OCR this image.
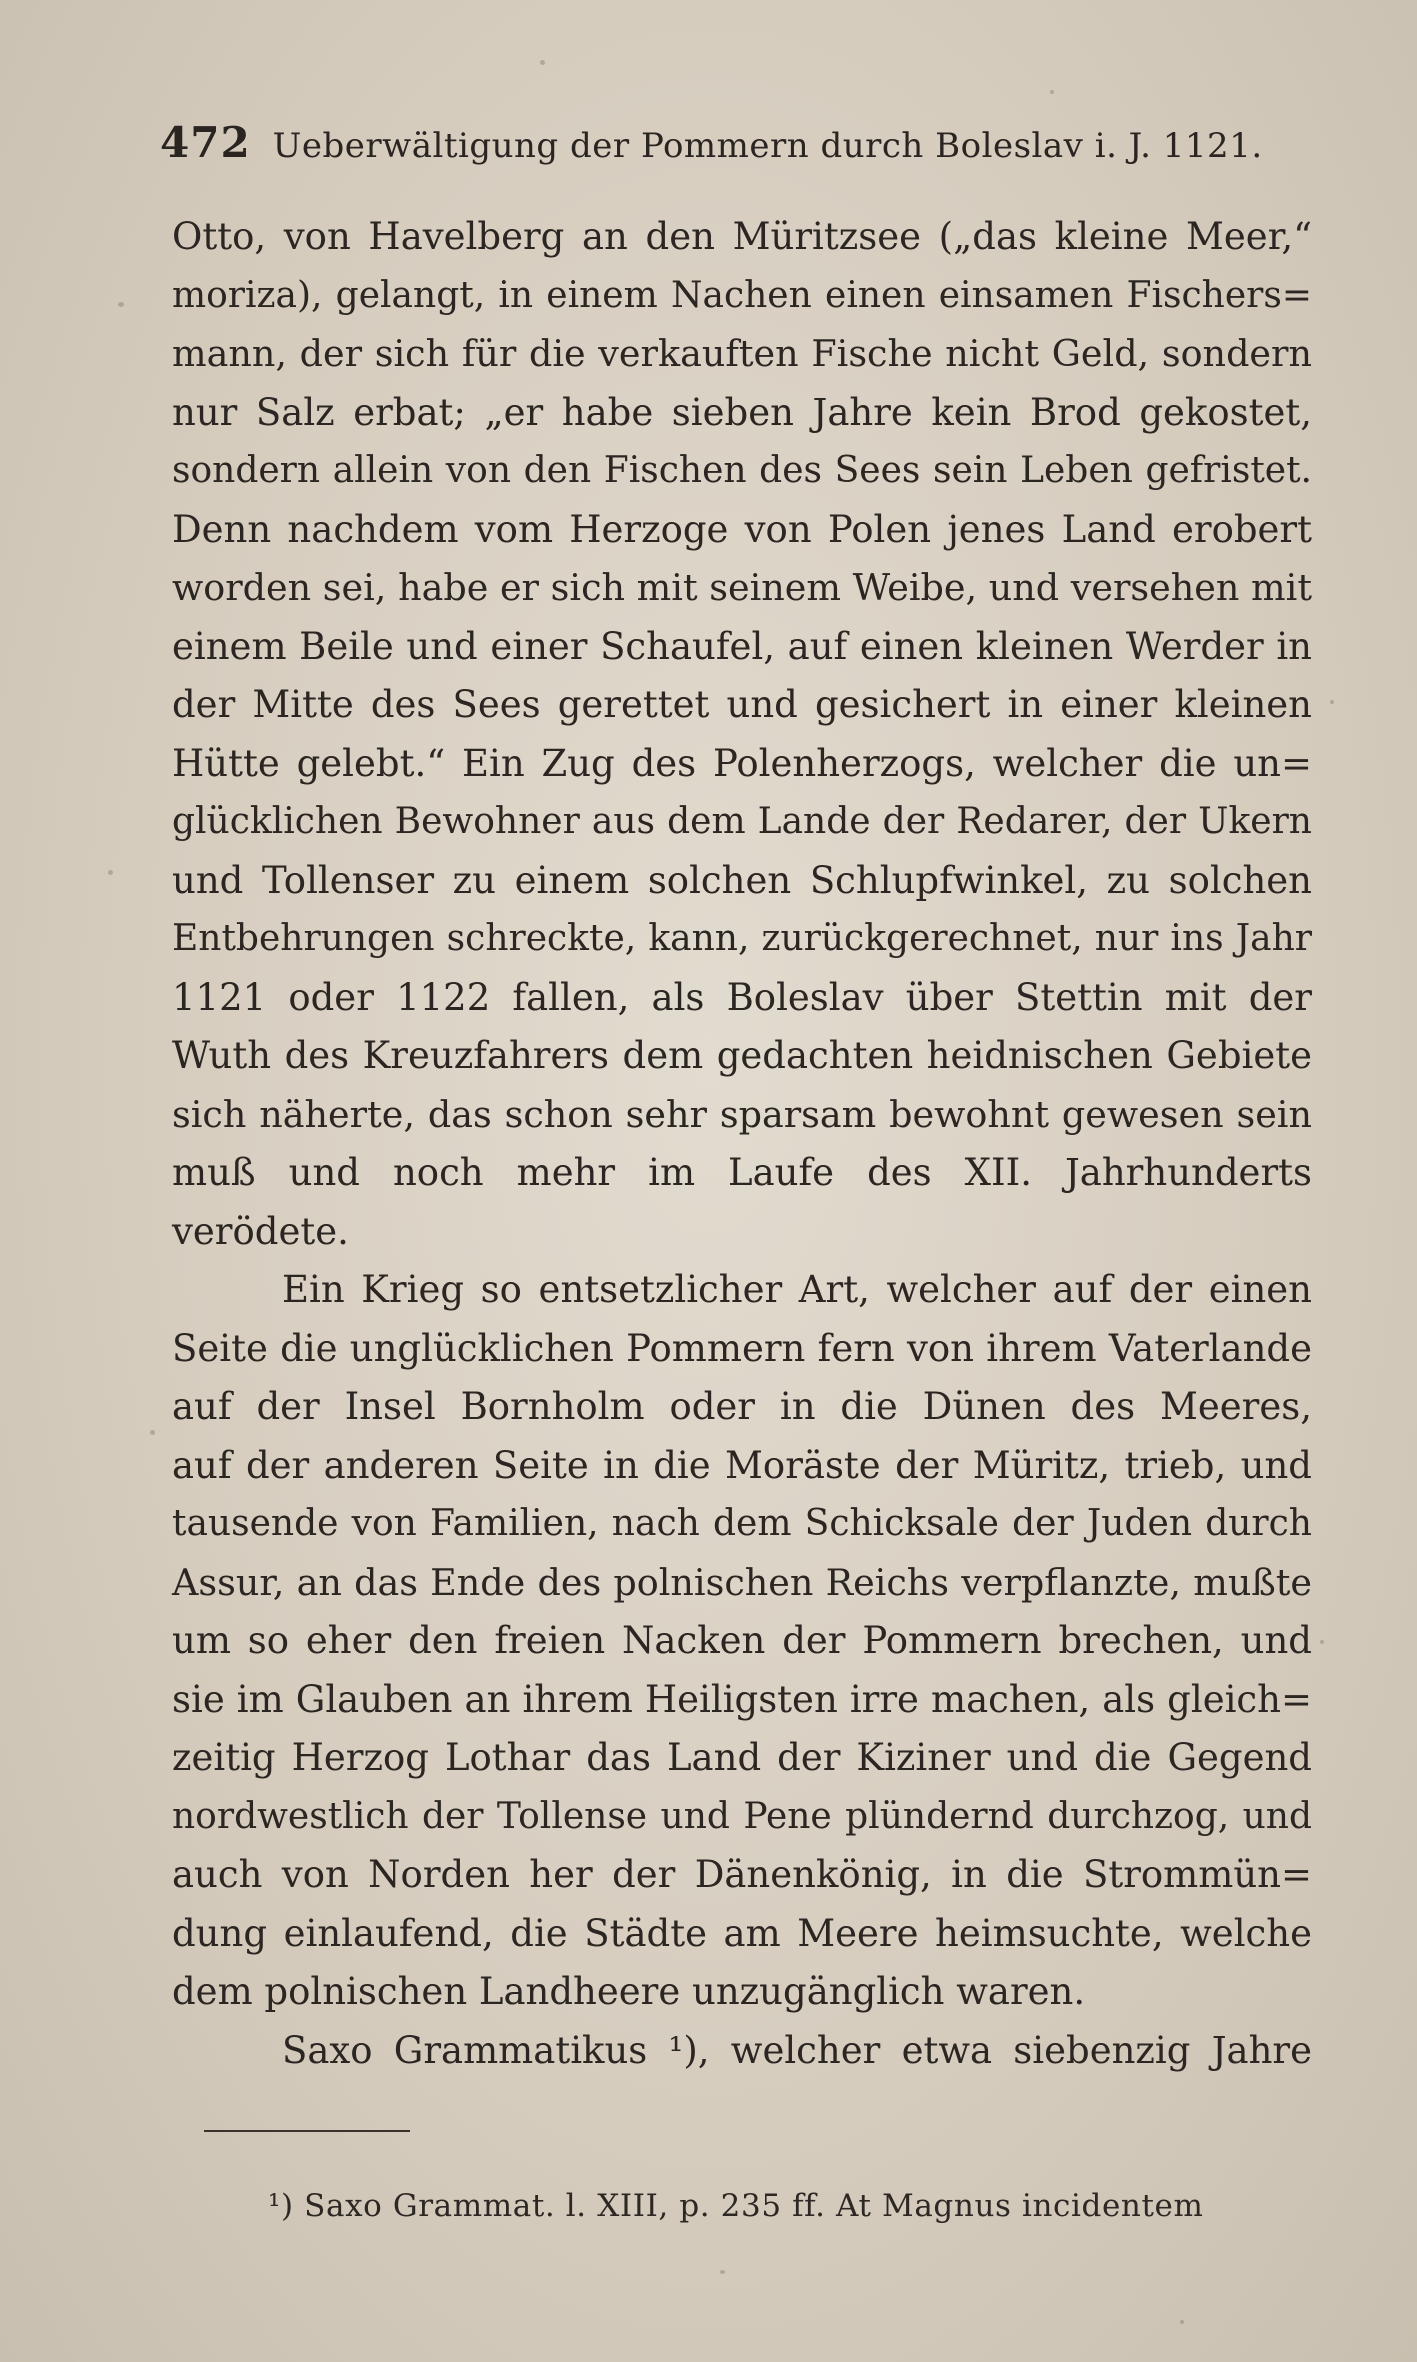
472 Ueberwältigung der Pommern durch Boleslav i. J. 1121.
Otto, von Havelberg an den Müritzsee („das kleine Meer,“
moriza), gelangt, in einem Nachen einen einsamen Fischers=
mann, der sich für die verkauften Fische nicht Geld, sondern
nur Salz erbat; „er habe sieben Jahre kein Brod gekostet,
sondern allein von den Fischen des Sees sein Leben gefristet.
Denn nachdem vom Herzoge von Polen jenes Land erobert
worden sei, habe er sich mit seinem Weibe, und versehen mit
einem Beile und einer Schaufel, auf einen kleinen Werder in
der Mitte des Sees gerettet und gesichert in einer kleinen
Hütte gelebt.“ Ein Zug des Polenherzogs, welcher die un=
glücklichen Bewohner aus dem Lande der Redarer, der Ukern
und Tollenser zu einem solchen Schlupfwinkel, zu solchen
Entbehrungen schreckte, kann, zurückgerechnet, nur ins Jahr
1121 oder 1122 fallen, als Boleslav über Stettin mit der
Wuth des Kreuzfahrers dem gedachten heidnischen Gebiete
sich näherte, das schon sehr sparsam bewohnt gewesen sein
muß und noch mehr im Laufe des XII. Jahrhunderts
verödete.
Ein Krieg so entsetzlicher Art, welcher auf der einen
Seite die unglücklichen Pommern fern von ihrem Vaterlande
auf der Insel Bornholm oder in die Dünen des Meeres,
auf der anderen Seite in die Moräste der Müritz, trieb, und
tausende von Familien, nach dem Schicksale der Juden durch
Assur, an das Ende des polnischen Reichs verpflanzte, mußte
um so eher den freien Nacken der Pommern brechen, und
sie im Glauben an ihrem Heiligsten irre machen, als gleich=
zeitig Herzog Lothar das Land der Kiziner und die Gegend
nordwestlich der Tollense und Pene plündernd durchzog, und
auch von Norden her der Dänenkönig, in die Strommün=
dung einlaufend, die Städte am Meere heimsuchte, welche
dem polnischen Landheere unzugänglich waren.
Saxo Grammatikus ¹), welcher etwa siebenzig Jahre
¹) Saxo Grammat. l. XIII, p. 235 ff. At Magnus incidentem
